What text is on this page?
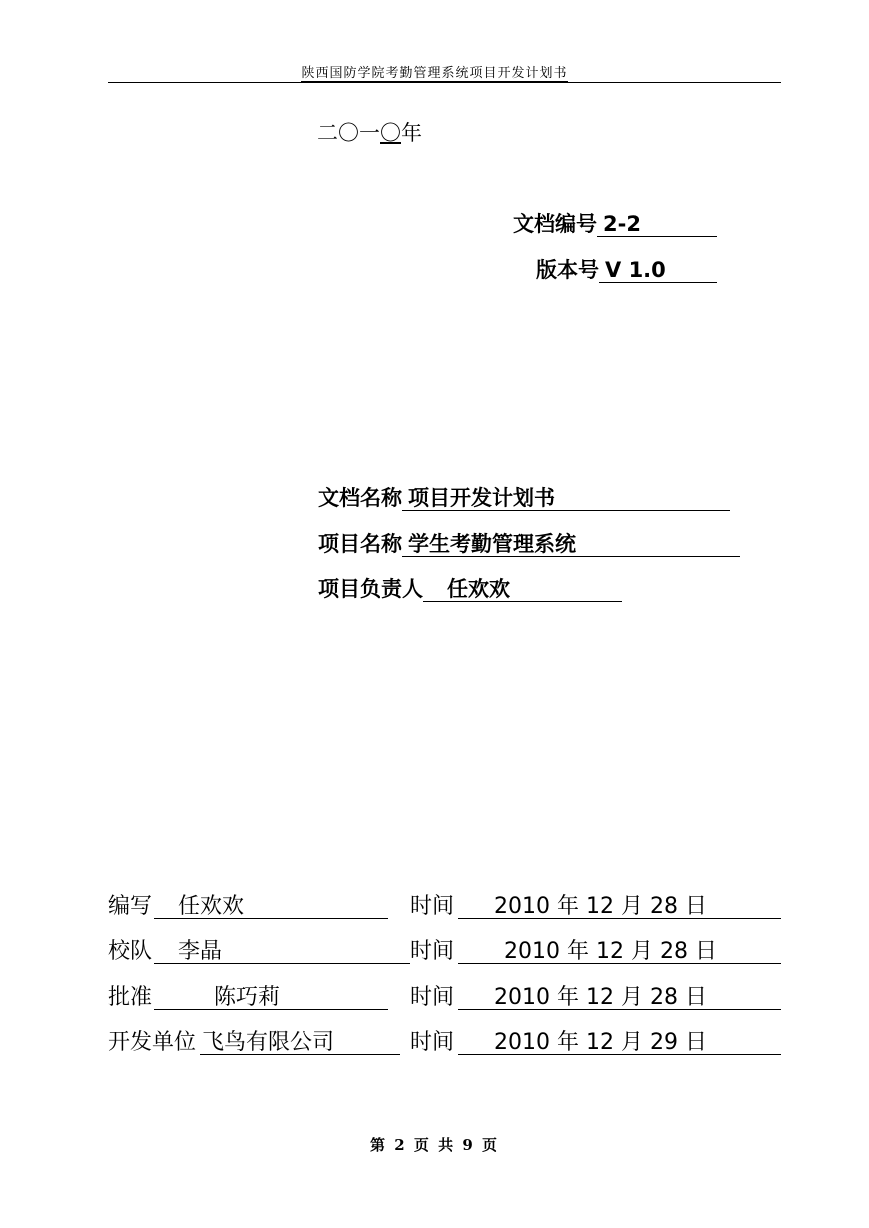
陕西国防学院考勤管理系统项目开发计划书
二〇一〇年
文档编号 2-2
版本号 V 1.0
文档名称 项目开发计划书
项目名称 学生考勤管理系统
项目负责人 任欢欢
编写	任欢欢	时间	2010 年 12 月 28 日
校队	李晶	时间	2010 年 12 月 28 日
批准	陈巧莉	时间	2010 年 12 月 28 日
开发单位 飞鸟有限公司	时间	2010 年 12 月 29 日
第 2 页 共 9 页
